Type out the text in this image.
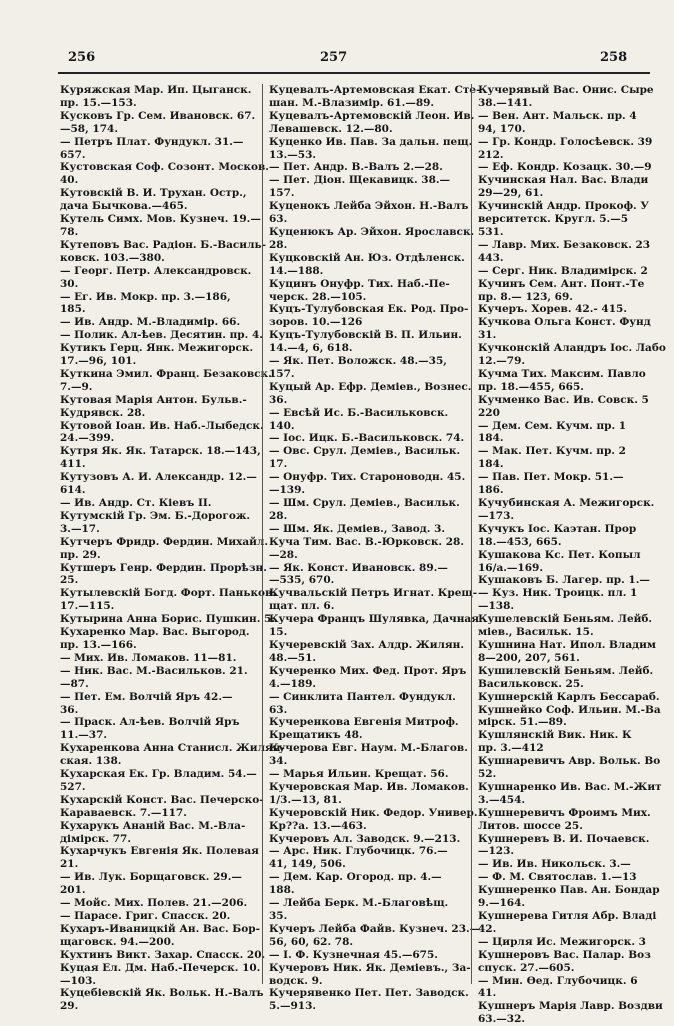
256	257	258
Куряжская Мар. Ип. Цыганск.
пр. 15.—153.
Кусковъ Гр. Сем. Ивановск. 67.
—58, 174.
— Петръ Плат. Фундукл. 31.—
657.
Кустовская Соф. Созонт. Москов.
40.
Кутовскій В. И. Трухан. Остр.,
дача Бычкова.—465.
Кутель Симх. Мов. Кузнеч. 19.—
78.
Кутеповъ Вас. Радіон. Б.-Василь-
ковск. 103.—380.
— Георг. Петр. Александровск.
30.
— Ег. Ив. Мокр. пр. 3.—186,
185.
— Ив. Андр. М.-Владимір. 66.
— Полик. Ал-ѣев. Десятин. пр. 4.
Кутикъ Герц. Янк. Межигорск.
17.—96, 101.
Куткина Эмил. Франц. Безаковск.
7.—9.
Кутовая Марія Антон. Бульв.-
Кудрявск. 28.
Кутовой Іоан. Ив. Наб.-Лыбедск.
24.—399.
Кутря Як. Як. Татарск. 18.—143,
411.
Кутузовъ А. И. Александр. 12.—
614.
— Ив. Андр. Ст. Кіевъ II.
Кутумскій Гр. Эм. Б.-Дорогож.
3.—17.
Кутчеръ Фридр. Фердин. Михайл.
пр. 29.
Кутшеръ Генр. Фердин. Прорѣзн.
25.
Кутылевскій Богд. Форт. Паньков.
17.—115.
Кутырина Анна Борис. Пушкин. 5.
Кухаренко Мар. Вас. Выгород.
пр. 13.—166.
— Мих. Ив. Ломаков. 11—81.
— Ник. Вас. М.-Васильков. 21.
—87.
— Пет. Ем. Волчій Яръ 42.—
36.
— Праск. Ал-ѣев. Волчій Яръ
11.—37.
Кухаренкова Анна Станисл. Жилян-
ская. 138.
Кухарская Ек. Гр. Владим. 54.—
527.
Кухарскій Конст. Вас. Печерско-
Караваевск. 7.—117.
Кухарукъ Ананій Вас. М.-Вла-
дімірск. 77.
Кухарчукъ Евгенія Як. Полевая
21.
— Ив. Лук. Борщаговск. 29.—
201.
— Мойс. Мих. Полев. 21.—206.
— Парасе. Григ. Спасск. 20.
Кухаръ-Иваницкій Ан. Вас. Бор-
щаговск. 94.—200.
Кухтинъ Викт. Захар. Спасск. 20.
Куцая Ел. Дм. Наб.-Печерск. 10.
—103.
Куцебіевскій Як. Вольк. Н.-Валъ
29.
Куцевалъ-Артемовская Екат. Сте-
шан. М.-Влазимір. 61.—89.
Куцевалъ-Артемовскій Леон. Ив.
Левашевск. 12.—80.
Куценко Ив. Пав. За дальн. пещ.
13.—53.
— Пет. Андр. В.-Валъ 2.—28.
— Пет. Діон. Щекавицк. 38.—
157.
Куценокъ Лейба Эйхон. Н.-Валъ
63.
Куценюкъ Ар. Эйхон. Ярославск.
28.
Куцковскій Ан. Юз. Отдѣленск.
14.—188.
Куцинъ Онуфр. Тих. Наб.-Пе-
черск. 28.—105.
Куцъ-Тулубовская Ек. Род. Про-
зоров. 10.—126
Куцъ-Тулубовскій В. П. Ильин.
14.—4, 6, 618.
— Як. Пет. Воложск. 48.—35,
157.
Куцый Ар. Ефр. Деміев., Вознес.
36.
— Евсѣй Ис. Б.-Васильковск.
140.
— Іос. Ицк. Б.-Васильковск. 74.
— Овс. Срул. Деміев., Васильк.
17.
— Онуфр. Тих. Староноводн. 45.
—139.
— Шм. Срул. Деміев., Васильк.
28.
— Шм. Як. Деміев., Завод. 3.
Куча Тим. Вас. В.-Юрковск. 28.
—28.
— Як. Конст. Ивановск. 89.—
—535, 670.
Кучвальскій Петръ Игнат. Крещ-
щат. пл. 6.
Кучера Францъ Шулявка, Дачная
15.
Кучеревскій Зах. Алдр. Жилян.
48.—51.
Кучеренко Мих. Фед. Прот. Яръ
4.—189.
— Синклита Пантел. Фундукл.
63.
Кучеренкова Евгенія Митроф.
Крещатикъ 48.
Кучерова Евг. Наум. М.-Благов.
34.
— Марья Ильин. Крещат. 56.
Кучеровская Мар. Ив. Ломаков.
1/3.—13, 81.
Кучеровскій Ник. Федор. Универ.
Кр??а. 13.—463.
Кучеровъ Ал. Заводск. 9.—213.
— Арс. Ник. Глубочицк. 76.—
41, 149, 506.
— Дем. Кар. Огород. пр. 4.—
188.
— Лейба Берк. М.-Благовѣщ.
35.
Кучеръ Лейба Файв. Кузнеч. 23.—
56, 60, 62. 78.
— І. Ф. Кузнечная 45.—675.
Кучеровъ Ник. Як. Деміевъ., За-
водск. 9.
Кучерявенко Пет. Пет. Заводск.
5.—913.
Кучерявый Вас. Онис. Сыре
38.—141.
— Вен. Ант. Мальск. пр. 4
94, 170.
— Гр. Кондр. Голосѣевск. 39
212.
— Еф. Кондр. Козацк. 30.—9
Кучинская Нал. Вас. Влади
29—29, 61.
Кучинскій Андр. Прокоф. У
верситетск. Кругл. 5.—5
531.
— Лавр. Мих. Безаковск. 23
443.
— Серг. Ник. Владимірск. 2
Кучинъ Сем. Ант. Понт.-Те
пр. 8.— 123, 69.
Кучеръ. Хорев. 42.- 415.
Кучкова Ольга Конст. Фунд
31.
Кучконскій Аландръ Іос. Лабо
12.—79.
Кучма Тих. Максим. Павло
пр. 18.—455, 665.
Кучменко Вас. Ив. Совск. 5
220
— Дем. Сем. Кучм. пр. 1
184.
— Мак. Пет. Кучм. пр. 2
184.
— Пав. Пет. Мокр. 51.—
186.
Кучубинская А. Межигорск.
—173.
Кучукъ Іос. Каэтан. Прор
18.—453, 665.
Кушакова Кс. Пет. Копыл
16/а.—169.
Кушаковъ Б. Лагер. пр. 1.—
— Куз. Ник. Троицк. пл. 1
—138.
Кушелевскій Беньям. Лейб.
міев., Васильк. 15.
Кушнина Нат. Ипол. Владим
8—200, 207, 561.
Кушилевскій Беньям. Лейб.
Васильковск. 25.
Кушнерскій Карлъ Бессараб.
Кушнейко Соф. Ильин. М.-Ва
мірск. 51.—89.
Кушлянскій Вик. Ник. К
пр. 3.—412
Кушнаревичъ Авр. Вольк. Во
52.
Кушнаренко Ив. Вас. М.-Жит
3.—454.
Кушнеревичъ Фроимъ Мих.
Литов. шоссе 25.
Кушнеревъ В. И. Почаевск.
—123.
— Ив. Ив. Никольск. 3.—
— Ф. М. Святослав. 1.—13
Кушнеренко Пав. Ан. Бондар
9.—164.
Кушнерева Гитля Абр. Владі
42.
— Цирля Ис. Межигорск. 3
Кушнеровъ Вас. Палар. Воз
спуск. 27.—605.
— Мин. Ѳед. Глубочицк. 6
41.
Кушнеръ Марія Лавр. Воздви
63.—32.
